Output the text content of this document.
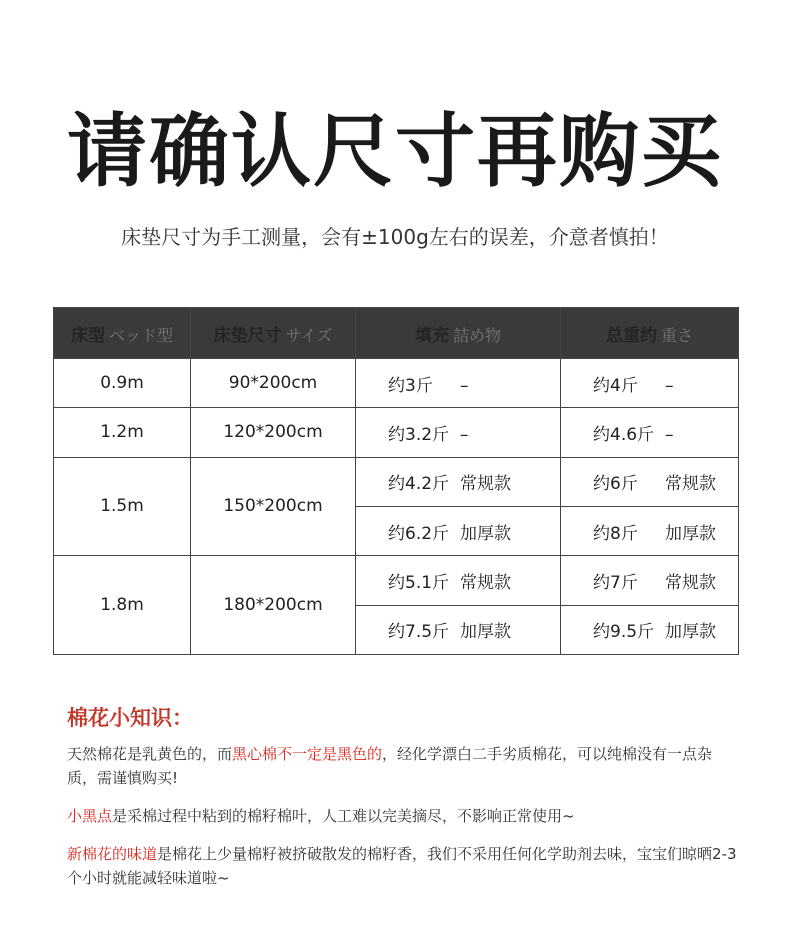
请确认尺寸再购买
床垫尺寸为手工测量，会有±100g左右的误差，介意者慎拍！
床型 ベッド型	床垫尺寸 サイズ	填充 詰め物	总重约 重さ
0.9m	90*200cm	约3斤 –	约4斤 –
1.2m	120*200cm	约3.2斤 –	约4.6斤 –
1.5m	150*200cm	约4.2斤 常规款	约6斤 常规款
		约6.2斤 加厚款	约8斤 加厚款
1.8m	180*200cm	约5.1斤 常规款	约7斤 常规款
		约7.5斤 加厚款	约9.5斤 加厚款
棉花小知识：

天然棉花是乳黄色的，而黑心棉不一定是黑色的，经化学漂白二手劣质棉花，可以纯棉没有一点杂质，需谨慎购买!

小黑点是采棉过程中粘到的棉籽棉叶，人工难以完美摘尽，不影响正常使用~

新棉花的味道是棉花上少量棉籽被挤破散发的棉籽香，我们不采用任何化学助剂去味，宝宝们晾晒2-3个小时就能减轻味道啦~
